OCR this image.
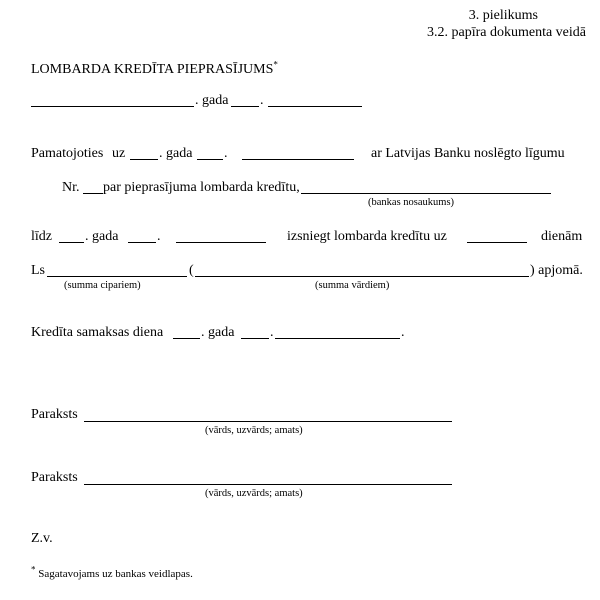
3. pielikums
3.2. papīra dokumenta veidā
LOMBARDA KREDĪTA PIEPRASĪJUMS*
. gada .
Pamatojoties uz . gada .	ar Latvijas Banku noslēgto līgumu
Nr. par pieprasījuma lombarda kredītu,
(bankas nosaukums)
līdz . gada	.	izsniegt lombarda kredītu uz	dienām
Ls	(	) apjomā.
(summa cipariem)	(summa vārdiem)
Kredīta samaksas diena	. gada	.	.
Paraksts
(vārds, uzvārds; amats)
Paraksts
(vārds, uzvārds; amats)
Z.v.
* Sagatavojams uz bankas veidlapas.
